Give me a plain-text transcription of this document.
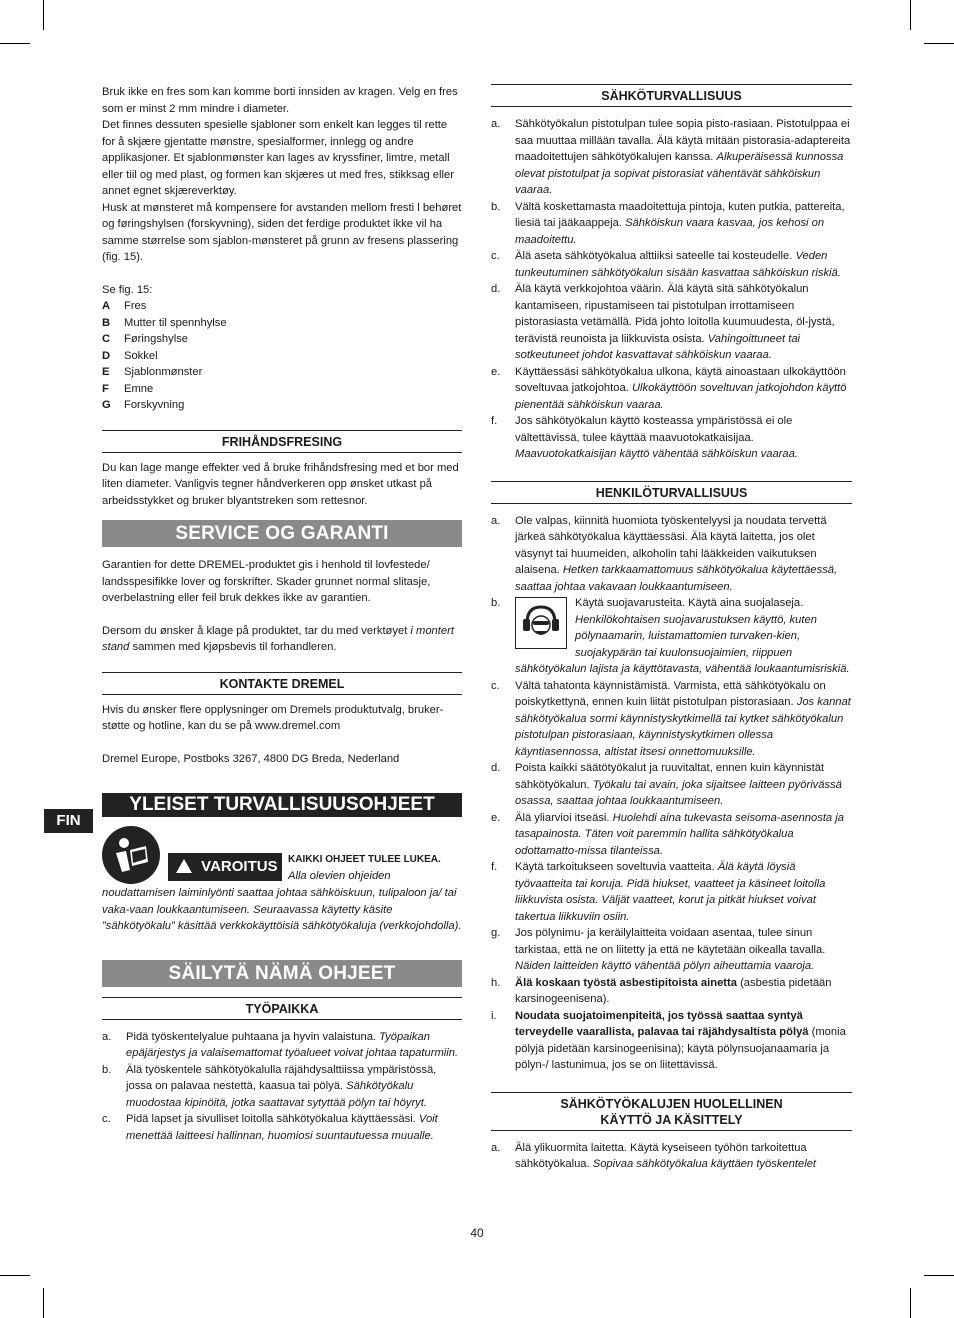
FIN

Bruk ikke en fres som kan komme borti innsiden av kragen. Velg en fres som er minst 2 mm mindre i diameter.

Det finnes dessuten spesielle sjabloner som enkelt kan legges til rette for å skjære gjentatte mønstre, spesialformer, innlegg og andre applikasjoner. Et sjablonmønster kan lages av kryssfiner, limtre, metall eller tiil og med plast, og formen kan skjæres ut med fres, stikksag eller annet egnet skjæreverktøy.

Husk at mønsteret må kompensere for avstanden mellom fresti l behøret og føringshylsen (forskyvning), siden det ferdige produktet ikke vil ha samme størrelse som sjablon-mønsteret på grunn av fresens plassering (fig. 15).

Se fig. 15:

A	Fres
B	Mutter til spennhylse
C	Føringshylse
D	Sokkel
E	Sjablonmønster
F	Emne
G	Forskyvning
FRIHÅNDSFRESING

Du kan lage mange effekter ved å bruke frihåndsfresing med et bor med liten diameter. Vanligvis tegner håndverkeren opp ønsket utkast på arbeidsstykket og bruker blyantstreken som rettesnor.

SERVICE OG GARANTI

Garantien for dette DREMEL-produktet gis i henhold til lovfestede/ landsspesifikke lover og forskrifter. Skader grunnet normal slitasje, overbelastning eller feil bruk dekkes ikke av garantien.

Dersom du ønsker å klage på produktet, tar du med verktøyet i montert stand sammen med kjøpsbevis til forhandleren.

KONTAKTE DREMEL

Hvis du ønsker flere opplysninger om Dremels produktutvalg, bruker-støtte og hotline, kan du se på www.dremel.com

Dremel Europe, Postboks 3267, 4800 DG Breda, Nederland

YLEISET TURVALLISUUSOHJEET
VAROITUS	KAIKKI OHJEET TULEE LUKEA.
Alla olevien ohjeiden

noudattamisen laiminlyönti saattaa johtaa sähköiskuun, tulipaloon ja/ tai vaka-vaan loukkaantumiseen. Seuraavassa käytetty käsite ”sähkötyökalu” käsittää verkkokäyttöisiä sähkötyökaluja (verkkojohdolla).

SÄILYTÄ NÄMÄ OHJEET
TYÖPAIKKA
a.	Pidä työskentelyalue puhtaana ja hyvin valaistuna. Työpaikan epäjärjestys ja valaisemattomat työalueet voivat johtaa tapaturmiin.
b.	Älä työskentele sähkötyökalulla räjähdysalttiissa ympäristössä, jossa on palavaa nestettä, kaasua tai pölyä. Sähkötyökalu muodostaa kipinöitä, jotka saattavat sytyttää pölyn tai höyryt.
c.	Pidä lapset ja sivulliset loitolla sähkötyökalua käyttäessäsi. Voit menettää laitteesi hallinnan, huomiosi suuntautuessa muualle.
SÄHKÖTURVALLISUUS
a.	Sähkötyökalun pistotulpan tulee sopia pisto-rasiaan. Pistotulppaa ei saa muuttaa millään tavalla. Älä käytä mitään pistorasia-adaptereita maadoitettujen sähkötyökalujen kanssa. Alkuperäisessä kunnossa olevat pistotulpat ja sopivat pistorasiat vähentävät sähköiskun vaaraa.
b.	Vältä koskettamasta maadoitettuja pintoja, kuten putkia, pattereita, liesiä tai jääkaappeja. Sähköiskun vaara kasvaa, jos kehosi on maadoitettu.
c.	Älä aseta sähkötyökalua alttiiksi sateelle tai kosteudelle. Veden tunkeutuminen sähkötyökalun sisään kasvattaa sähköiskun riskiä.
d.	Älä käytä verkkojohtoa väärin. Älä käytä sitä sähkötyökalun kantamiseen, ripustamiseen tai pistotulpan irrottamiseen pistorasiasta vetämällä. Pidä johto loitolla kuumuudesta, öl-jystä, terävistä reunoista ja liikkuvista osista. Vahingoittuneet tai sotkeutuneet johdot kasvattavat sähköiskun vaaraa.
e.	Käyttäessäsi sähkötyökalua ulkona, käytä ainoastaan ulkokäyttöön soveltuvaa jatkojohtoa. Ulkokäyttöön soveltuvan jatkojohdon käyttö pienentää sähköiskun vaaraa.
f.	Jos sähkötyökalun käyttö kosteassa ympäristössä ei ole vältettävissä, tulee käyttää maavuotokatkaisijaa. Maavuotokatkaisijan käyttö vähentää sähköiskun vaaraa.
HENKILÖTURVALLISUUS
a.	Ole valpas, kiinnitä huomiota työskentelyysi ja noudata tervettä järkeä sähkötyökalua käyttäessäsi. Älä käytä laitetta, jos olet väsynyt tai huumeiden, alkoholin tahi lääkkeiden vaikutuksen alaisena. Hetken tarkkaamattomuus sähkötyökalua käytettäessä, saattaa johtaa vakavaan loukkaantumiseen.
b.	Käytä suojavarusteita. Käytä aina suojalaseja. Henkilökohtaisen suojavarustuksen käyttö, kuten pölynaamarin, luistamattomien turvaken-kien, suojakypärän tai kuulonsuojaimien, riippuen
sähkötyökalun lajista ja käyttötavasta, vähentää loukaantumisriskiä.
c.	Vältä tahatonta käynnistämistä. Varmista, että sähkötyökalu on poiskytkettynä, ennen kuin liität pistotulpan pistorasiaan. Jos kannat sähkötyökalua sormi käynnistyskytkimellä tai kytket sähkötyökalun pistotulpan pistorasiaan, käynnistyskytkimen ollessa käyntiasennossa, altistat itsesi onnettomuuksille.
d.	Poista kaikki säätötyökalut ja ruuvitaltat, ennen kuin käynnistät sähkötyökalun. Työkalu tai avain, joka sijaitsee laitteen pyörivässä osassa, saattaa johtaa loukkaantumiseen.
e.	Älä yliarvioi itseäsi. Huolehdi aina tukevasta seisoma-asennosta ja tasapainosta. Täten voit paremmin hallita sähkötyökalua odottamatto-missa tilanteissa.
f.	Käytä tarkoitukseen soveltuvia vaatteita. Älä käytä löysiä työvaatteita tai koruja. Pidä hiukset, vaatteet ja käsineet loitolla liikkuvista osista. Väljät vaatteet, korut ja pitkät hiukset voivat takertua liikkuviin osiin.
g.	Jos pölynimu- ja keräilylaitteita voidaan asentaa, tulee sinun tarkistaa, että ne on liitetty ja että ne käytetään oikealla tavalla. Näiden laitteiden käyttö vähentää pölyn aiheuttamia vaaroja.
h.	Älä koskaan työstä asbestipitoista ainetta (asbestia pidetään karsinogeenisena).
i.	Noudata suojatoimenpiteitä, jos työssä saattaa syntyä terveydelle vaarallista, palavaa tai räjähdysaltista pölyä (monia pölyjä pidetään karsinogeenisina); käytä pölynsuojanaamaria ja pölyn-/ lastunimua, jos se on liitettävissä.
SÄHKÖTYÖKALUJEN HUOLELLINEN
KÄYTTÖ JA KÄSITTELY
a.	Älä ylikuormita laitetta. Käytä kyseiseen työhön tarkoitettua sähkötyökalua. Sopivaa sähkötyökalua käyttäen työskentelet
40
